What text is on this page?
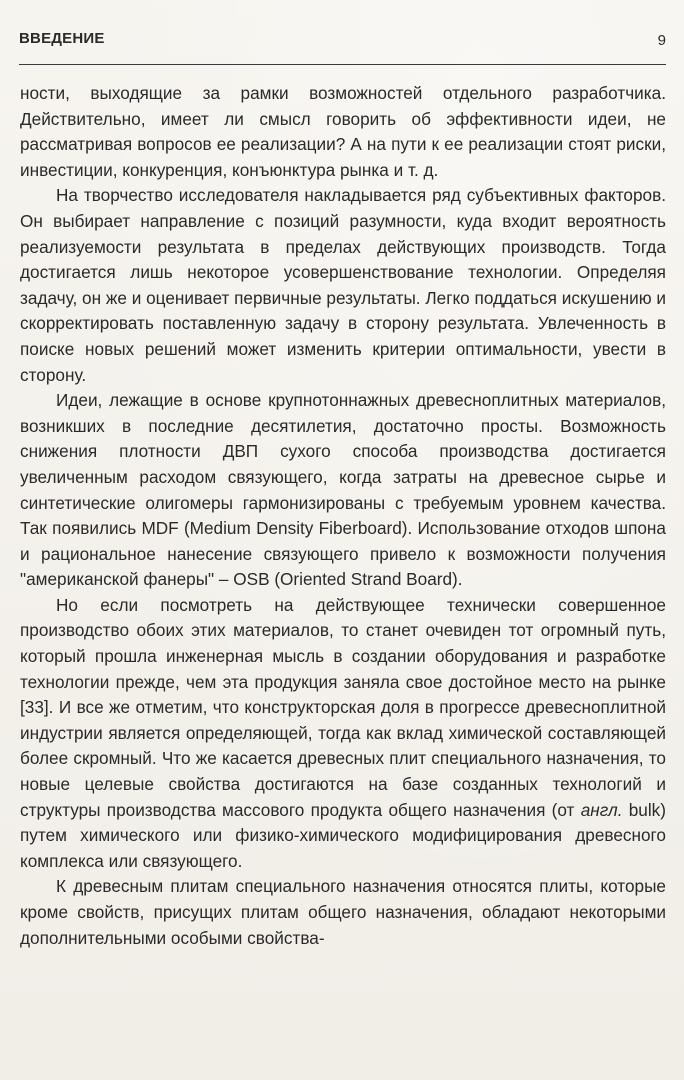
ВВЕДЕНИЕ	9

ности, выходящие за рамки возможностей отдельного разработчика. Действительно, имеет ли смысл говорить об эффективности идеи, не рассматривая вопросов ее реализации? А на пути к ее реализации стоят риски, инвестиции, конкуренция, конъюнктура рынка и т. д.

На творчество исследователя накладывается ряд субъективных факторов. Он выбирает направление с позиций разумности, куда входит вероятность реализуемости результата в пределах действующих производств. Тогда достигается лишь некоторое усовершенствование технологии. Определяя задачу, он же и оценивает первичные результаты. Легко поддаться искушению и скорректировать поставленную задачу в сторону результата. Увлеченность в поиске новых решений может изменить критерии оптимальности, увести в сторону.

Идеи, лежащие в основе крупнотоннажных древесноплитных материалов, возникших в последние десятилетия, достаточно просты. Возможность снижения плотности ДВП сухого способа производства достигается увеличенным расходом связующего, когда затраты на древесное сырье и синтетические олигомеры гармонизированы с требуемым уровнем качества. Так появились MDF (Medium Density Fiberboard). Использование отходов шпона и рациональное нанесение связующего привело к возможности получения "американской фанеры" – OSB (Oriented Strand Board).

Но если посмотреть на действующее технически совершенное производство обоих этих материалов, то станет очевиден тот огромный путь, который прошла инженерная мысль в создании оборудования и разработке технологии прежде, чем эта продукция заняла свое достойное место на рынке [33]. И все же отметим, что конструкторская доля в прогрессе древесноплитной индустрии является определяющей, тогда как вклад химической составляющей более скромный. Что же касается древесных плит специального назначения, то новые целевые свойства достигаются на базе созданных технологий и структуры производства массового продукта общего назначения (от англ. bulk) путем химического или физико-химического модифицирования древесного комплекса или связующего.

К древесным плитам специального назначения относятся плиты, которые кроме свойств, присущих плитам общего назначения, обладают некоторыми дополнительными особыми свойства-
